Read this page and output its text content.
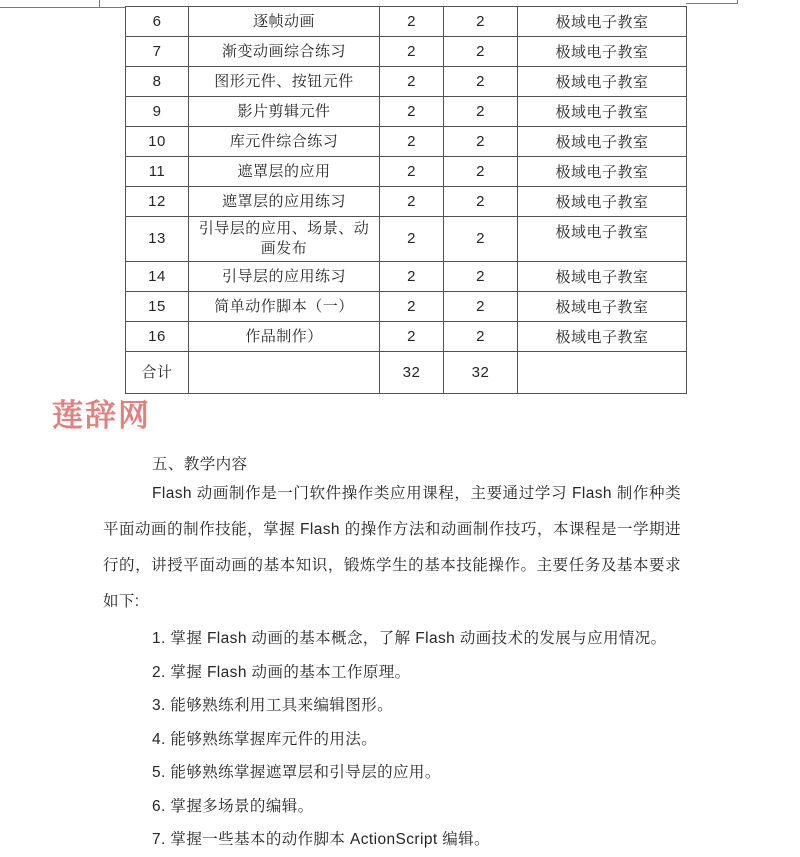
6	逐帧动画	2	2	极域电子教室
7	渐变动画综合练习	2	2	极域电子教室
8	图形元件、按钮元件	2	2	极域电子教室
9	影片剪辑元件	2	2	极域电子教室
10	库元件综合练习	2	2	极域电子教室
11	遮罩层的应用	2	2	极域电子教室
12	遮罩层的应用练习	2	2	极域电子教室
13	引导层的应用、场景、动画发布	2	2	极域电子教室
14	引导层的应用练习	2	2	极域电子教室
15	简单动作脚本（一）	2	2	极域电子教室
16	作品制作）	2	2	极域电子教室
合计		32	32	
莲辞网
五、教学内容

Flash 动画制作是一门软件操作类应用课程，主要通过学习 Flash 制作种类平面动画的制作技能，掌握 Flash 的操作方法和动画制作技巧，本课程是一学期进行的，讲授平面动画的基本知识，锻炼学生的基本技能操作。主要任务及基本要求如下:

1. 掌握 Flash 动画的基本概念，了解 Flash 动画技术的发展与应用情况。
2. 掌握 Flash 动画的基本工作原理。
3. 能够熟练利用工具来编辑图形。
4. 能够熟练掌握库元件的用法。
5. 能够熟练掌握遮罩层和引导层的应用。
6. 掌握多场景的编辑。
7. 掌握一些基本的动作脚本 ActionScript 编辑。
